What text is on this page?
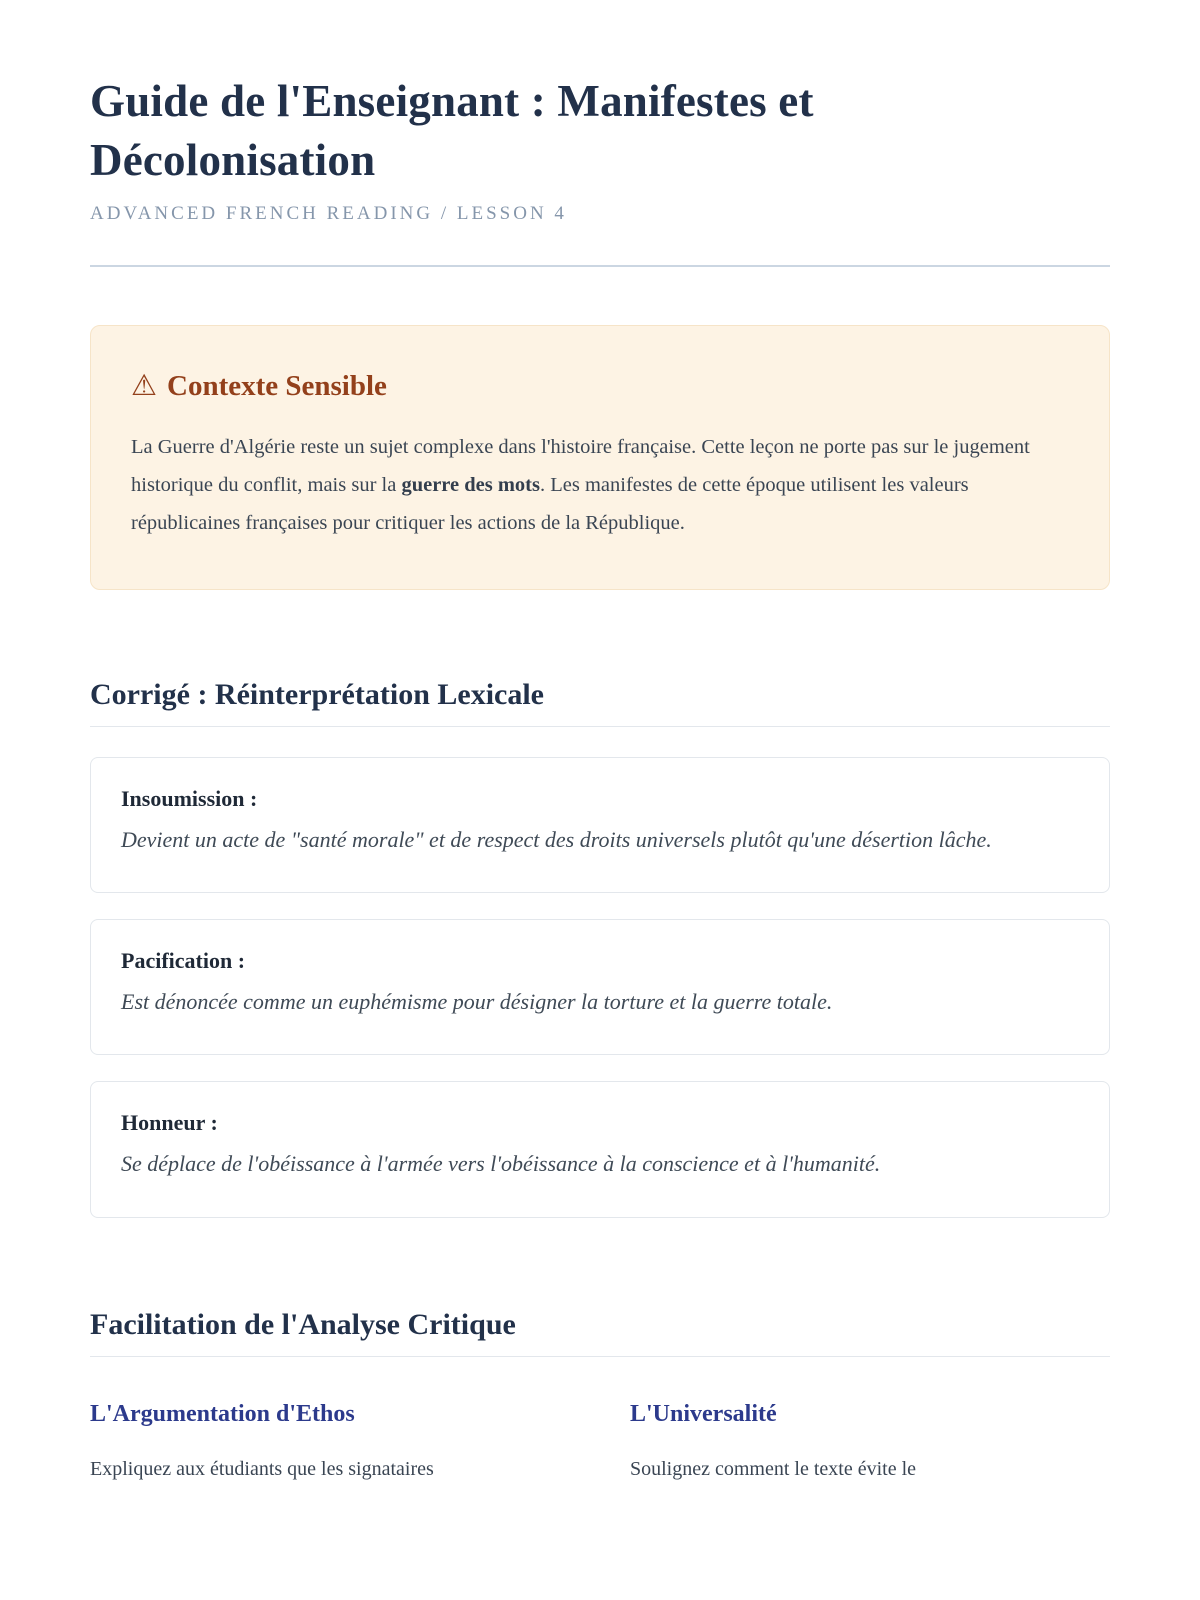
Guide de l'Enseignant : Manifestes et Décolonisation
ADVANCED FRENCH READING / LESSON 4
⚠ Contexte Sensible

La Guerre d'Algérie reste un sujet complexe dans l'histoire française. Cette leçon ne porte pas sur le jugement historique du conflit, mais sur la guerre des mots. Les manifestes de cette époque utilisent les valeurs républicaines françaises pour critiquer les actions de la République.

Corrigé : Réinterprétation Lexicale

Insoumission :

Devient un acte de "santé morale" et de respect des droits universels plutôt qu'une désertion lâche.

Pacification :

Est dénoncée comme un euphémisme pour désigner la torture et la guerre totale.

Honneur :

Se déplace de l'obéissance à l'armée vers l'obéissance à la conscience et à l'humanité.

Facilitation de l'Analyse Critique
L'Argumentation d'Ethos

Expliquez aux étudiants que les signataires

L'Universalité

Soulignez comment le texte évite le
